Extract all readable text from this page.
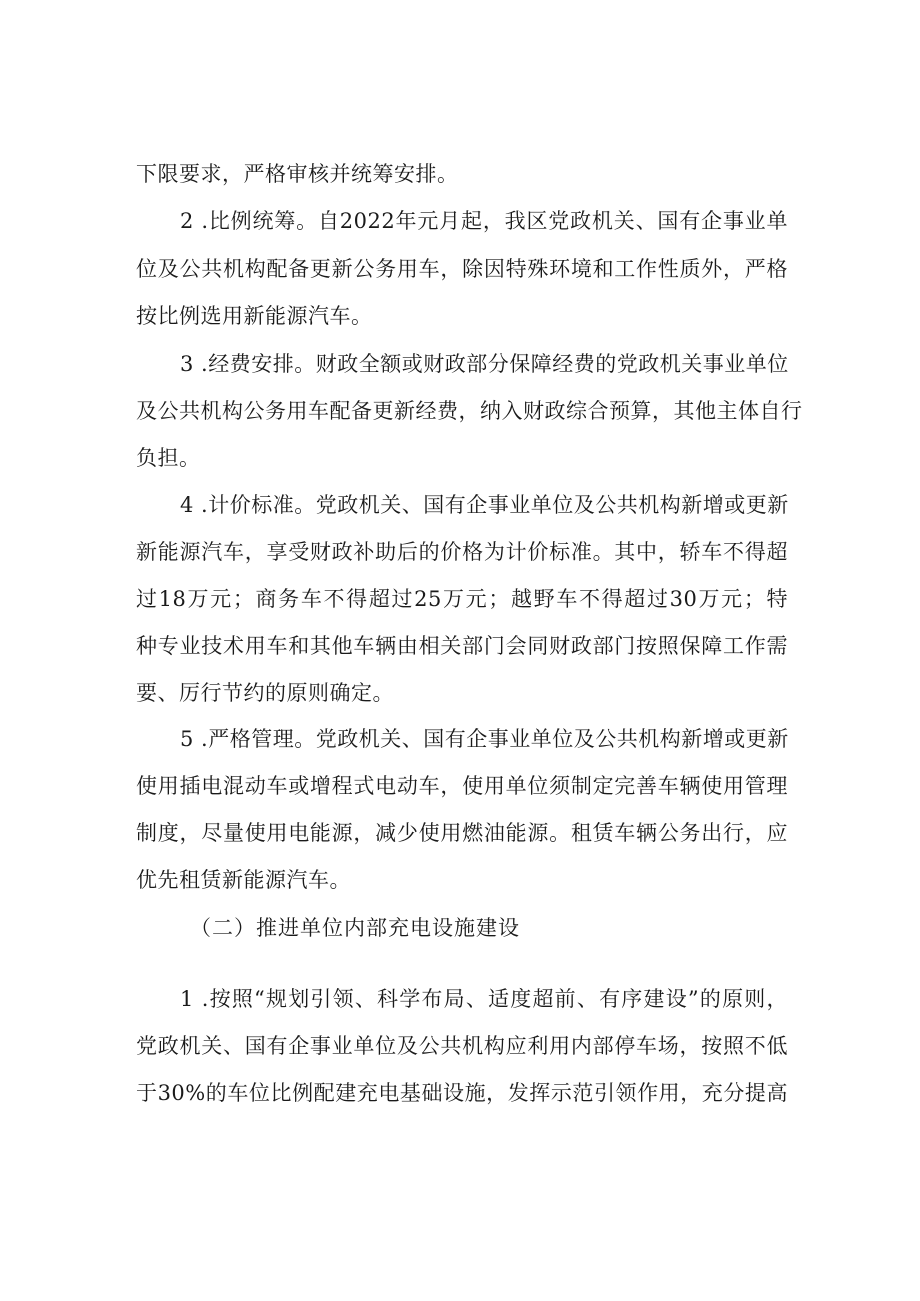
下限要求，严格审核并统筹安排。
2 .比例统筹。自2022年元月起，我区党政机关、国有企事业单
位及公共机构配备更新公务用车，除因特殊环境和工作性质外，严格
按比例选用新能源汽车。
3 .经费安排。财政全额或财政部分保障经费的党政机关事业单位
及公共机构公务用车配备更新经费，纳入财政综合预算，其他主体自行
负担。
4 .计价标准。党政机关、国有企事业单位及公共机构新增或更新
新能源汽车，享受财政补助后的价格为计价标准。其中，轿车不得超
过18万元；商务车不得超过25万元；越野车不得超过30万元；特
种专业技术用车和其他车辆由相关部门会同财政部门按照保障工作需
要、厉行节约的原则确定。
5 .严格管理。党政机关、国有企事业单位及公共机构新增或更新
使用插电混动车或增程式电动车，使用单位须制定完善车辆使用管理
制度，尽量使用电能源，减少使用燃油能源。租赁车辆公务出行，应
优先租赁新能源汽车。
（二）推进单位内部充电设施建设
1 .按照“规划引领、科学布局、适度超前、有序建设”的原则，
党政机关、国有企事业单位及公共机构应利用内部停车场，按照不低
于30%的车位比例配建充电基础设施，发挥示范引领作用，充分提高
